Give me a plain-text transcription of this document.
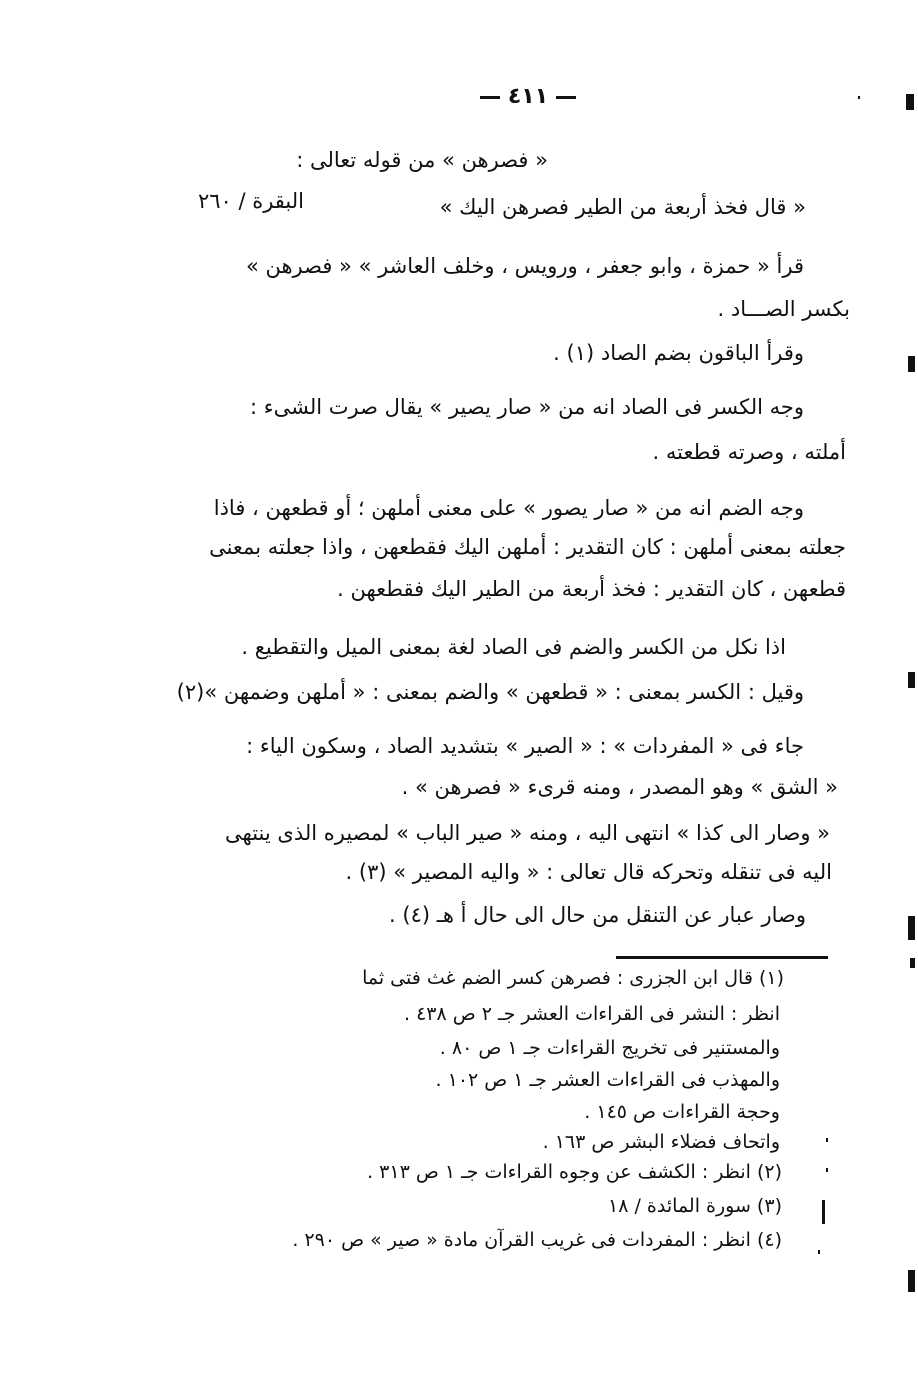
٤١١
« فصرهن » من قوله تعالى :
« قال فخذ أربعة من الطير فصرهن اليك »
البقرة / ٢٦٠
قرأ « حمزة ، وابو جعفر ، ورويس ، وخلف العاشر » « فصرهن »
بكسر الصـــاد .
وقرأ الباقون بضم الصاد (١) .
وجه الكسر فى الصاد انه من « صار يصير » يقال صرت الشىء :
أملته ، وصرته قطعته .
وجه الضم انه من « صار يصور » على معنى أملهن ؛ أو قطعهن ، فاذا
جعلته بمعنى أملهن : كان التقدير : أملهن اليك فقطعهن ، واذا جعلته بمعنى
قطعهن ، كان التقدير : فخذ أربعة من الطير اليك فقطعهن .
اذا نكل من الكسر والضم فى الصاد لغة بمعنى الميل والتقطيع .
وقيل : الكسر بمعنى : « قطعهن » والضم بمعنى : « أملهن وضمهن »(٢)
جاء فى « المفردات » : « الصير » بتشديد الصاد ، وسكون الياء :
« الشق » وهو المصدر ، ومنه قرىء « فصرهن » .
« وصار الى كذا » انتهى اليه ، ومنه « صير الباب » لمصيره الذى ينتهى
اليه فى تنقله وتحركه قال تعالى : « واليه المصير » (٣) .
وصار عبار عن التنقل من حال الى حال أ هـ (٤) .
(١) قال ابن الجزرى : فصرهن كسر الضم غث فتى ثما
انظر : النشر فى القراءات العشر جـ ٢ ص ٤٣٨ .
والمستنير فى تخريج القراءات جـ ١ ص ٨٠ .
والمهذب فى القراءات العشر جـ ١ ص ١٠٢ .
وحجة القراءات ص ١٤٥ .
واتحاف فضلاء البشر ص ١٦٣ .
(٢) انظر : الكشف عن وجوه القراءات جـ ١ ص ٣١٣ .
(٣) سورة المائدة / ١٨
(٤) انظر : المفردات فى غريب القرآن مادة « صير » ص ٢٩٠ .
